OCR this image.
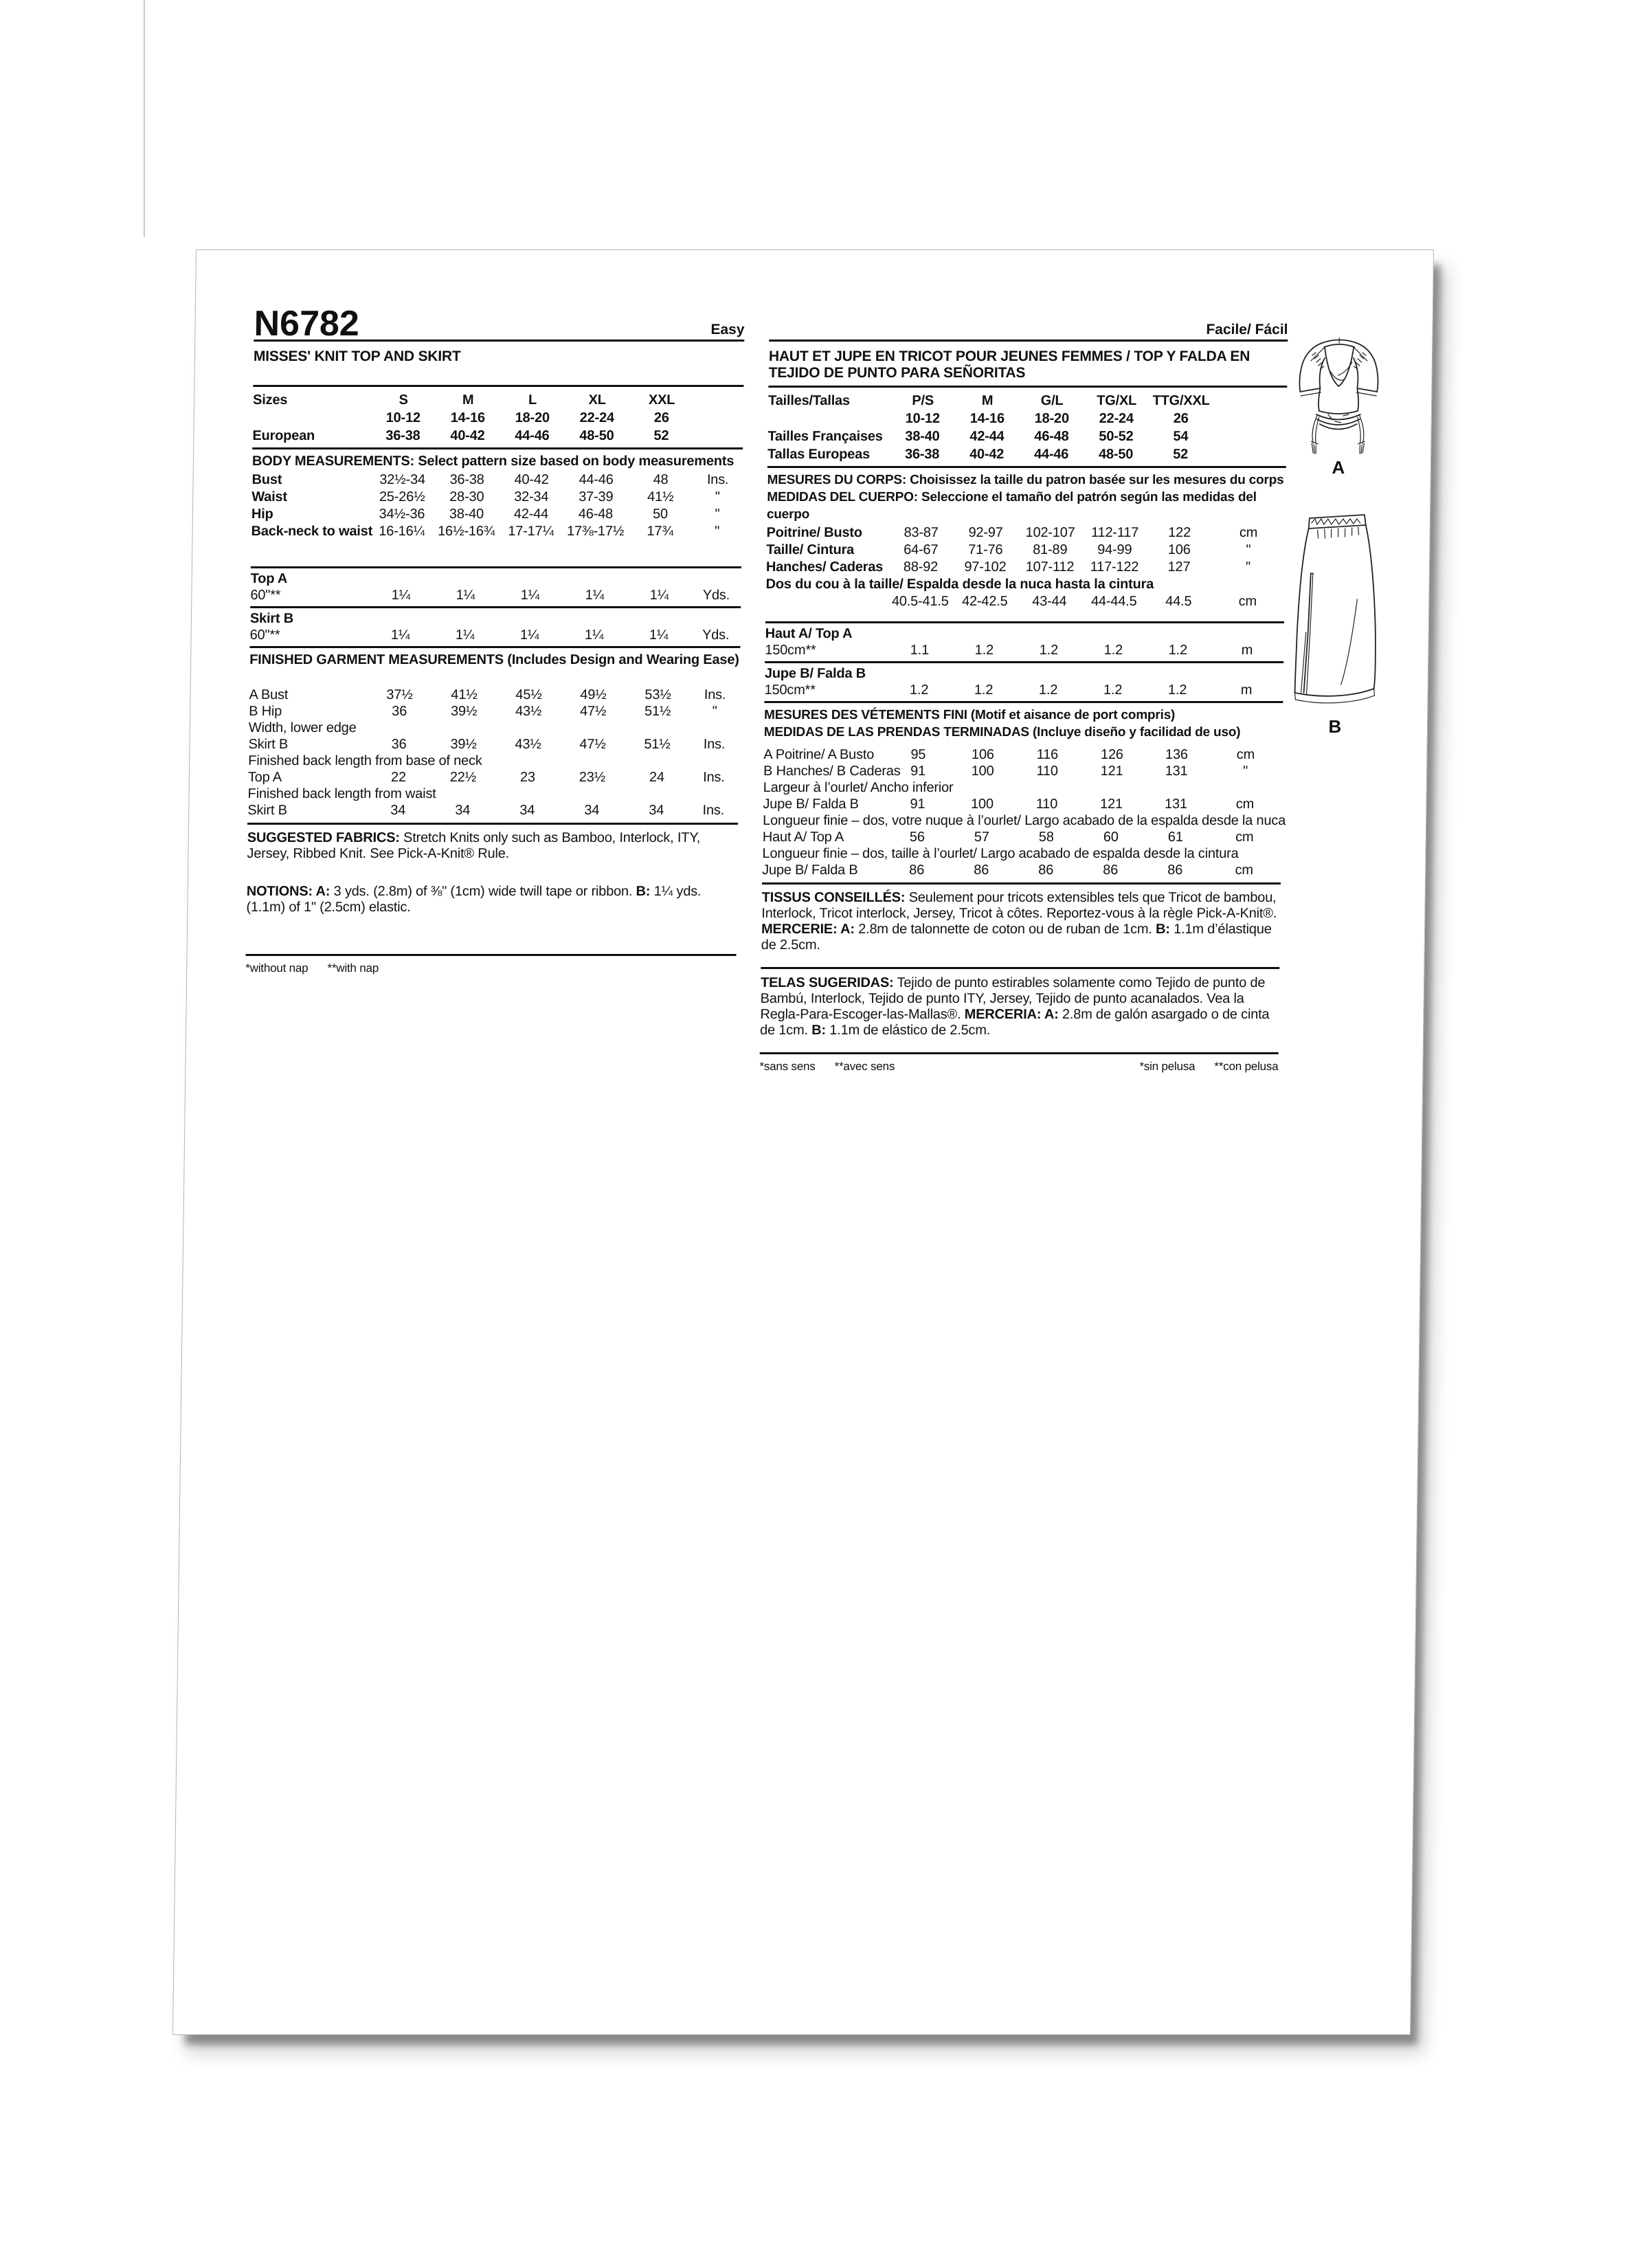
N6782	Easy
MISSES' KNIT TOP AND SKIRT
Sizes	S	M	L	XL	XXL	
	10-12	14-16	18-20	22-24	26	
European	36-38	40-42	44-46	48-50	52	
BODY MEASUREMENTS: Select pattern size based on body measurements
Bust	32½-34	36-38	40-42	44-46	48	Ins.
Waist	25-26½	28-30	32-34	37-39	41½	"
Hip	34½-36	38-40	42-44	46-48	50	"
Back-neck to waist	16-16¼	16½-16¾	17-17¼	17⅜-17½	17¾	"
Top A
60"**	1¼	1¼	1¼	1¼	1¼	Yds.
Skirt B
60"**	1¼	1¼	1¼	1¼	1¼	Yds.
FINISHED GARMENT MEASUREMENTS (Includes Design and Wearing Ease)
A Bust	37½	41½	45½	49½	53½	Ins.
B Hip	36	39½	43½	47½	51½	"
Width, lower edge						
Skirt B	36	39½	43½	47½	51½	Ins.
Finished back length from base of neck						
Top A	22	22½	23	23½	24	Ins.
Finished back length from waist						
Skirt B	34	34	34	34	34	Ins.

SUGGESTED FABRICS: Stretch Knits only such as Bamboo, Interlock, ITY, Jersey, Ribbed Knit. See Pick-A-Knit® Rule.

NOTIONS: A: 3 yds. (2.8m) of ⅜" (1cm) wide twill tape or ribbon. B: 1¼ yds. (1.1m) of 1" (2.5cm) elastic.

*without nap **with nap
Facile/ Fácil
HAUT ET JUPE EN TRICOT POUR JEUNES FEMMES / TOP Y FALDA EN TEJIDO DE PUNTO PARA SEÑORITAS
Tailles/Tallas	P/S	M	G/L	TG/XL	TTG/XXL	
	10-12	14-16	18-20	22-24	26	
Tailles Françaises	38-40	42-44	46-48	50-52	54	
Tallas Europeas	36-38	40-42	44-46	48-50	52	
MESURES DU CORPS: Choisissez la taille du patron basée sur les mesures du corps
MEDIDAS DEL CUERPO: Seleccione el tamaño del patrón según las medidas del cuerpo
Poitrine/ Busto	83-87	92-97	102-107	112-117	122	cm
Taille/ Cintura	64-67	71-76	81-89	94-99	106	"
Hanches/ Caderas	88-92	97-102	107-112	117-122	127	"
Dos du cou à la taille/ Espalda desde la nuca hasta la cintura						
	40.5-41.5	42-42.5	43-44	44-44.5	44.5	cm
Haut A/ Top A
150cm**	1.1	1.2	1.2	1.2	1.2	m
Jupe B/ Falda B
150cm**	1.2	1.2	1.2	1.2	1.2	m
MESURES DES VÉTEMENTS FINI (Motif et aisance de port compris)
MEDIDAS DE LAS PRENDAS TERMINADAS (Incluye diseño y facilidad de uso)
A Poitrine/ A Busto	95	106	116	126	136	cm
B Hanches/ B Caderas	91	100	110	121	131	"
Largeur à l’ourlet/ Ancho inferior						
Jupe B/ Falda B	91	100	110	121	131	cm
Longueur finie – dos, votre nuque à l’ourlet/ Largo acabado de la espalda desde la nuca						
Haut A/ Top A	56	57	58	60	61	cm
Longueur finie – dos, taille à l’ourlet/ Largo acabado de espalda desde la cintura						
Jupe B/ Falda B	86	86	86	86	86	cm

TISSUS CONSEILLÉS: Seulement pour tricots extensibles tels que Tricot de bambou, Interlock, Tricot interlock, Jersey, Tricot à côtes. Reportez-vous à la règle Pick-A-Knit®. MERCERIE: A: 2.8m de talonnette de coton ou de ruban de 1cm. B: 1.1m d’élastique de 2.5cm.

TELAS SUGERIDAS: Tejido de punto estirables solamente como Tejido de punto de Bambú, Interlock, Tejido de punto ITY, Jersey, Tejido de punto acanalados. Vea la Regla-Para-Escoger-las-Mallas®. MERCERIA: A: 2.8m de galón asargado o de cinta de 1cm. B: 1.1m de elástico de 2.5cm.

*sans sens **avec sens	*sin pelusa **con pelusa
A
B
